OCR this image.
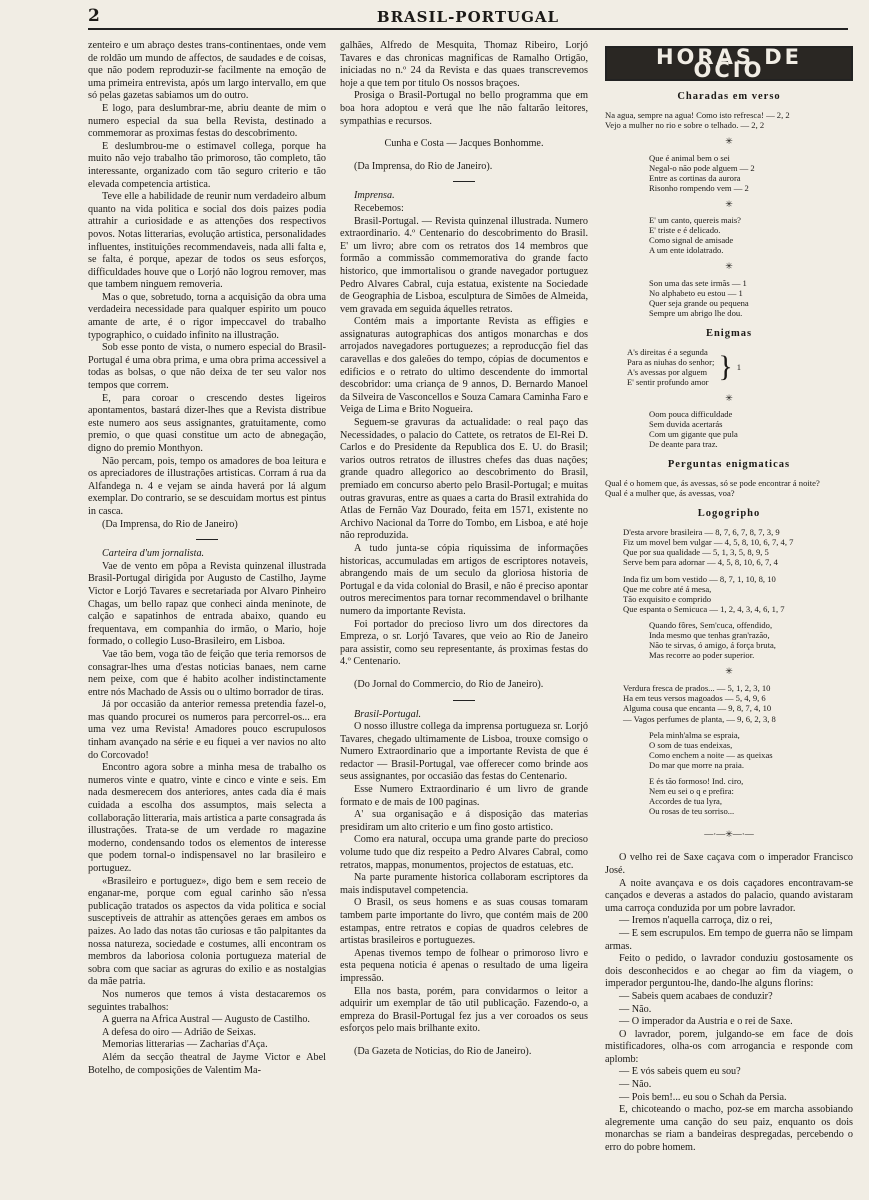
2	BRASIL-PORTUGAL

zenteiro e um abraço destes trans-continentaes, onde vem de roldão um mundo de affectos, de saudades e de coisas, que não podem reproduzir-se facilmente na emoção de uma primeira entrevista, após um largo intervallo, em que só pelas gazetas sabiamos um do outro.

E logo, para deslumbrar-me, abriu deante de mim o numero especial da sua bella Revista, destinado a commemorar as proximas festas do descobrimento.

E deslumbrou-me o estimavel collega, porque ha muito não vejo trabalho tão primoroso, tão completo, tão interessante, organizado com tão seguro criterio e tão elevada competencia artistica.

Teve elle a habilidade de reunir num verdadeiro album quanto na vida politica e social dos dois paizes podia attrahir a curiosidade e as attenções dos respectivos povos. Notas litterarias, evolução artistica, personalidades influentes, instituições recommendaveis, nada alli falta e, se falta, é porque, apezar de todos os seus esforços, difficuldades houve que o Lorjó não logrou remover, mas que tambem ninguem removeria.

Mas o que, sobretudo, torna a acquisição da obra uma verdadeira necessidade para qualquer espirito um pouco amante de arte, é o rigor impeccavel do trabalho typographico, o cuidado infinito na illustração.

Sob esse ponto de vista, o numero especial do Brasil-Portugal é uma obra prima, e uma obra prima accessivel a todas as bolsas, o que não deixa de ter seu valor nos tempos que correm.

E, para coroar o crescendo destes ligeiros apontamentos, bastará dizer-lhes que a Revista distribue este numero aos seus assignantes, gratuitamente, como premio, o que quasi constitue um acto de abnegação, digno do premio Monthyon.

Não percam, pois, tempo os amadores de boa leitura e os apreciadores de illustrações artisticas. Corram á rua da Alfandega n. 4 e vejam se ainda haverá por lá algum exemplar. Do contrario, se se descuidam mortus est pintus in casca.

(Da Imprensa, do Rio de Janeiro)

Carteira d'um jornalista.

Vae de vento em pôpa a Revista quinzenal illustrada Brasil-Portugal dirigida por Augusto de Castilho, Jayme Victor e Lorjó Tavares e secretariada por Alvaro Pinheiro Chagas, um bello rapaz que conheci ainda meninote, de calção e sapatinhos de entrada abaixo, quando eu frequentava, em companhia do irmão, o Mario, hoje formado, o collegio Luso-Brasileiro, em Lisboa.

Vae tão bem, voga tão de feição que teria remorsos de consagrar-lhes uma d'estas noticias banaes, nem carne nem peixe, com que é habito acolher indistinctamente entre nós Machado de Assis ou o ultimo borrador de tiras.

Já por occasião da anterior remessa pretendia fazel-o, mas quando procurei os numeros para percorrel-os... era uma vez uma Revista! Amadores pouco escrupulosos tinham avançado na série e eu fiquei a ver navios no alto do Corcovado!

Encontro agora sobre a minha mesa de trabalho os numeros vinte e quatro, vinte e cinco e vinte e seis. Em nada desmerecem dos anteriores, antes cada dia é mais cuidada a escolha dos assumptos, mais selecta a collaboração litteraria, mais artistica a parte consagrada ás illustrações. Trata-se de um verdade ro magazine moderno, condensando todos os elementos de interesse que podem tornal-o indispensavel no lar brasileiro e portuguez.

«Brasileiro e portuguez», digo bem e sem receio de enganar-me, porque com egual carinho são n'essa publicação tratados os aspectos da vida politica e social susceptiveis de attrahir as attenções geraes em ambos os paizes. Ao lado das notas tão curiosas e tão palpitantes da nossa natureza, sociedade e costumes, alli encontram os membros da laboriosa colonia portugueza material de sobra com que saciar as agruras do exilio e as nostalgias da mãe patria.

Nos numeros que temos á vista destacaremos os seguintes trabalhos:

A guerra na Africa Austral — Augusto de Castilho.

A defesa do oiro — Adrião de Seixas.

Memorias litterarias — Zacharias d'Aça.

Além da secção theatral de Jayme Victor e Abel Botelho, de composições de Valentim Ma-

galhães, Alfredo de Mesquita, Thomaz Ribeiro, Lorjó Tavares e das chronicas magnificas de Ramalho Ortigão, iniciadas no n.º 24 da Revista e das quaes transcrevemos hoje a que tem por titulo Os nossos braçoes.

Prosiga o Brasil-Portugal no bello programma que em boa hora adoptou e verá que lhe não faltarão leitores, sympathias e recursos.

Cunha e Costa — Jacques Bonhomme.

(Da Imprensa, do Rio de Janeiro).

Imprensa.

Recebemos:

Brasil-Portugal. — Revista quinzenal illustrada. Numero extraordinario. 4.º Centenario do descobrimento do Brasil. E' um livro; abre com os retratos dos 14 membros que formão a commissão commemorativa do grande facto historico, que immortalisou o grande navegador portuguez Pedro Alvares Cabral, cuja estatua, existente na Sociedade de Geographia de Lisboa, esculptura de Simões de Almeida, vem gravada em seguida áquelles retratos.

Contém mais a importante Revista as effigies e assignaturas autographicas dos antigos monarchas e dos arrojados navegadores portuguezes; a reproducção fiel das caravellas e dos galeões do tempo, cópias de documentos e edificios e o retrato do ultimo descendente do immortal descobridor: uma criança de 9 annos, D. Bernardo Manoel da Silveira de Vasconcellos e Souza Camara Caminha Faro e Veiga de Lima e Brito Nogueira.

Seguem-se gravuras da actualidade: o real paço das Necessidades, o palacio do Cattete, os retratos de El-Rei D. Carlos e do Presidente da Republica dos E. U. do Brasil; varios outros retratos de illustres chefes das duas nações; grande quadro allegorico ao descobrimento do Brasil, premiado em concurso aberto pelo Brasil-Portugal; e muitas outras gravuras, entre as quaes a carta do Brasil extrahida do Atlas de Fernão Vaz Dourado, feita em 1571, existente no Archivo Nacional da Torre do Tombo, em Lisboa, e até hoje não reproduzida.

A tudo junta-se cópia riquissima de informações historicas, accumuladas em artigos de escriptores notaveis, abrangendo mais de um seculo da gloriosa historia de Portugal e da vida colonial do Brasil, e não é preciso apontar outros merecimentos para tornar recommendavel o brilhante numero da importante Revista.

Foi portador do precioso livro um dos directores da Empreza, o sr. Lorjó Tavares, que veio ao Rio de Janeiro para assistir, como seu representante, ás proximas festas do 4.º Centenario.

(Do Jornal do Commercio, do Rio de Janeiro).

Brasil-Portugal.

O nosso illustre collega da imprensa portugueza sr. Lorjó Tavares, chegado ultimamente de Lisboa, trouxe comsigo o Numero Extraordinario que a importante Revista de que é redactor — Brasil-Portugal, vae offerecer como brinde aos seus assignantes, por occasião das festas do Centenario.

Esse Numero Extraordinario é um livro de grande formato e de mais de 100 paginas.

A' sua organisação e á disposição das materias presidiram um alto criterio e um fino gosto artistico.

Como era natural, occupa uma grande parte do precioso volume tudo que diz respeito a Pedro Alvares Cabral, como retratos, mappas, monumentos, projectos de estatuas, etc.

Na parte puramente historica collaboram escriptores da mais indisputavel competencia.

O Brasil, os seus homens e as suas cousas tomaram tambem parte importante do livro, que contém mais de 200 estampas, entre retratos e copias de quadros celebres de artistas brasileiros e portuguezes.

Apenas tivemos tempo de folhear o primoroso livro e esta pequena noticia é apenas o resultado de uma ligeira impressão.

Ella nos basta, porém, para convidarmos o leitor a adquirir um exemplar de tão util publicação. Fazendo-o, a empreza do Brasil-Portugal fez jus a ver coroados os seus esforços pelo mais brilhante exito.

(Da Gazeta de Noticias, do Rio de Janeiro).

HORAS DE OCIO
Charadas em verso
Na agua, sempre na agua! Como isto refresca! — 2, 2
Vejo a mulher no rio e sobre o telhado. — 2, 2
✳
Que é animal bem o sei
Negal-o não pode alguem — 2
Entre as cortinas da aurora
Risonho rompendo vem — 2
✳
E' um canto, quereis mais?
E' triste e é delicado.
Como signal de amisade
A um ente idolatrado.
✳
Son uma das sete irmãs — 1
No alphabeto eu estou — 1
Quer seja grande ou pequena
Sempre um abrigo lhe dou.
Enigmas
A's direitas é a segunda
Para as niuhas do senhor;
A's avessas por alguem
E' sentir profundo amor } 1
✳
Oom pouca difficuldade
Sem duvida acertarás
Com um gigante que pula
De deante para traz.
Perguntas enigmaticas
Qual é o homem que, ás avessas, só se pode encontrar á noite?
Qual é a mulher que, ás avessas, voa?
Logogripho
D'esta arvore brasileira — 8, 7, 6, 7, 8, 7, 3, 9
Fiz um movel bem vulgar — 4, 5, 8, 10, 6, 7, 4, 7
Que por sua qualidade — 5, 1, 3, 5, 8, 9, 5
Serve bem para adornar — 4, 5, 8, 10, 6, 7, 4
Inda fiz um bom vestido — 8, 7, 1, 10, 8, 10
Que me cobre até á mesa,
Tão exquisito e comprido
Que espanta o Semicuca — 1, 2, 4, 3, 4, 6, 1, 7
Quando fôres, Sem'cuca, offendido,
Inda mesmo que tenhas gran'razão,
Não te sirvas, ó amigo, á força bruta,
Mas recorre ao poder superior.
✳
Verdura fresca de prados... — 5, 1, 2, 3, 10
Ha em teus versos magoados — 5, 4, 9, 6
Alguma cousa que encanta — 9, 8, 7, 4, 10
— Vagos perfumes de planta, — 9, 6, 2, 3, 8
Pela minh'alma se espraia,
O som de tuas endeixas,
Como enchem a noite — as queixas
Do mar que morre na praia.
E és tão formoso! Ind. ciro,
Nem eu sei o q e prefira:
Accordes de tua lyra,
Ou rosas de teu sorriso...
—·—✳—·—

O velho rei de Saxe caçava com o imperador Francisco José.

A noite avançava e os dois caçadores encontravam-se cançados e deveras a astados do palacio, quando avistaram uma carroça conduzida por um pobre lavrador.

— Iremos n'aquella carroça, diz o rei,

— E sem escrupulos. Em tempo de guerra não se limpam armas.

Feito o pedido, o lavrador conduziu gostosamente os dois desconhecidos e ao chegar ao fim da viagem, o imperador perguntou-lhe, dando-lhe alguns florins:

— Sabeis quem acabaes de conduzir?

— Não.

— O imperador da Austria e o rei de Saxe.

O lavrador, porem, julgando-se em face de dois mistificadores, olha-os com arrogancia e responde com aplomb:

— E vós sabeis quem eu sou?

— Não.

— Pois bem!... eu sou o Schah da Persia.

E, chicoteando o macho, poz-se em marcha assobiando alegremente uma canção do seu paiz, enquanto os dois monarchas se riam a bandeiras despregadas, percebendo o erro do pobre homem.
